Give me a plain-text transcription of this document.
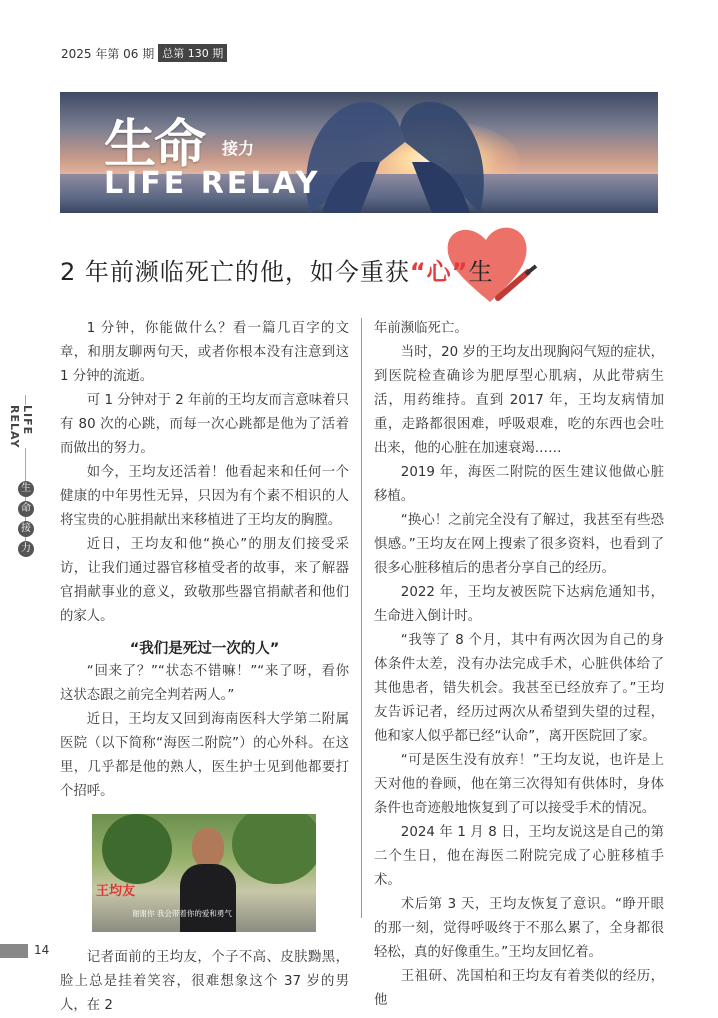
2025 年第 06 期 总第 130 期
生命 接力
LIFE RELAY
2 年前濒临死亡的他，如今重获“心”生
LIFE RELAY
生
命
接
力

1 分钟，你能做什么？看一篇几百字的文章，和朋友聊两句天，或者你根本没有注意到这 1 分钟的流逝。

可 1 分钟对于 2 年前的王均友而言意味着只有 80 次的心跳，而每一次心跳都是他为了活着而做出的努力。

如今，王均友还活着！他看起来和任何一个健康的中年男性无异，只因为有个素不相识的人将宝贵的心脏捐献出来移植进了王均友的胸膛。

近日，王均友和他“换心”的朋友们接受采访，让我们通过器官移植受者的故事，来了解器官捐献事业的意义，致敬那些器官捐献者和他们的家人。

“我们是死过一次的人”

“回来了？”“状态不错嘛！”“来了呀，看你这状态跟之前完全判若两人。”

近日，王均友又回到海南医科大学第二附属医院（以下简称“海医二附院”）的心外科。在这里，几乎都是他的熟人，医生护士见到他都要打个招呼。

王均友
谢谢你 我会带着你的爱和勇气

记者面前的王均友，个子不高、皮肤黝黑，脸上总是挂着笑容，很难想象这个 37 岁的男人，在 2

年前濒临死亡。

当时，20 岁的王均友出现胸闷气短的症状，到医院检查确诊为肥厚型心肌病，从此带病生活，用药维持。直到 2017 年，王均友病情加重，走路都很困难，呼吸艰难，吃的东西也会吐出来，他的心脏在加速衰竭……

2019 年，海医二附院的医生建议他做心脏移植。

“换心！之前完全没有了解过，我甚至有些恐惧感。”王均友在网上搜索了很多资料，也看到了很多心脏移植后的患者分享自己的经历。

2022 年，王均友被医院下达病危通知书，生命进入倒计时。

“我等了 8 个月，其中有两次因为自己的身体条件太差，没有办法完成手术，心脏供体给了其他患者，错失机会。我甚至已经放弃了。”王均友告诉记者，经历过两次从希望到失望的过程，他和家人似乎都已经“认命”，离开医院回了家。

“可是医生没有放弃！”王均友说，也许是上天对他的眷顾，他在第三次得知有供体时，身体条件也奇迹般地恢复到了可以接受手术的情况。

2024 年 1 月 8 日，王均友说这是自己的第二个生日，他在海医二附院完成了心脏移植手术。

术后第 3 天，王均友恢复了意识。“睁开眼的那一刻，觉得呼吸终于不那么累了，全身都很轻松，真的好像重生。”王均友回忆着。

王祖研、冼国柏和王均友有着类似的经历，他

14
